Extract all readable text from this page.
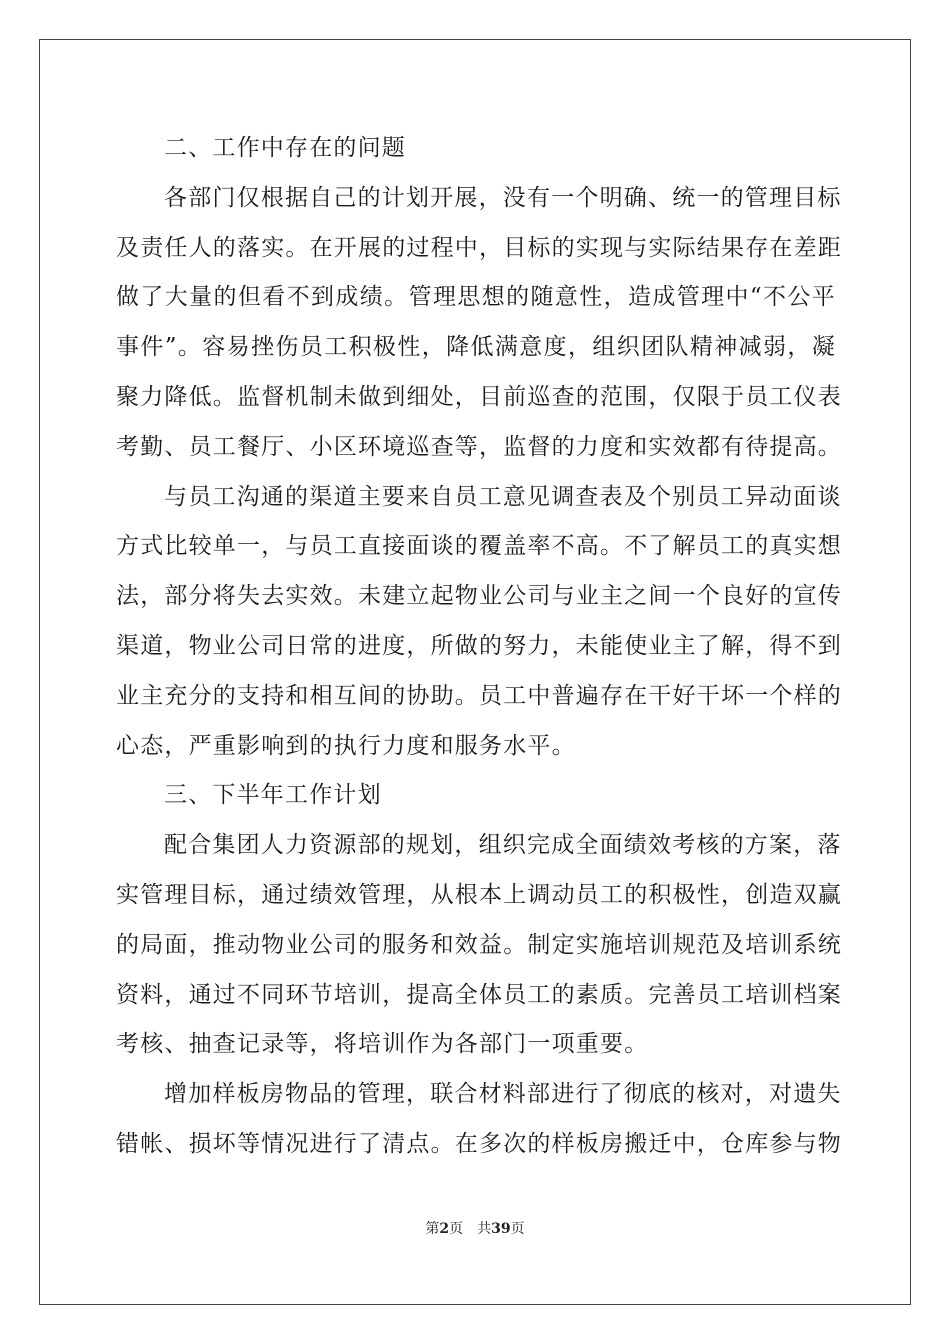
二、工作中存在的问题
各部门仅根据自己的计划开展，没有一个明确、统一的管理目标
及责任人的落实。在开展的过程中，目标的实现与实际结果存在差距
做了大量的但看不到成绩。管理思想的随意性，造成管理中“不公平
事件”。容易挫伤员工积极性，降低满意度，组织团队精神减弱，凝
聚力降低。监督机制未做到细处，目前巡查的范围，仅限于员工仪表
考勤、员工餐厅、小区环境巡查等，监督的力度和实效都有待提高。
与员工沟通的渠道主要来自员工意见调查表及个别员工异动面谈
方式比较单一，与员工直接面谈的覆盖率不高。不了解员工的真实想
法，部分将失去实效。未建立起物业公司与业主之间一个良好的宣传
渠道，物业公司日常的进度，所做的努力，未能使业主了解，得不到
业主充分的支持和相互间的协助。员工中普遍存在干好干坏一个样的
心态，严重影响到的执行力度和服务水平。
三、下半年工作计划
配合集团人力资源部的规划，组织完成全面绩效考核的方案，落
实管理目标，通过绩效管理，从根本上调动员工的积极性，创造双赢
的局面，推动物业公司的服务和效益。制定实施培训规范及培训系统
资料，通过不同环节培训，提高全体员工的素质。完善员工培训档案
考核、抽查记录等，将培训作为各部门一项重要。
增加样板房物品的管理，联合材料部进行了彻底的核对，对遗失
错帐、损坏等情况进行了清点。在多次的样板房搬迁中，仓库参与物
第2页 共39页
